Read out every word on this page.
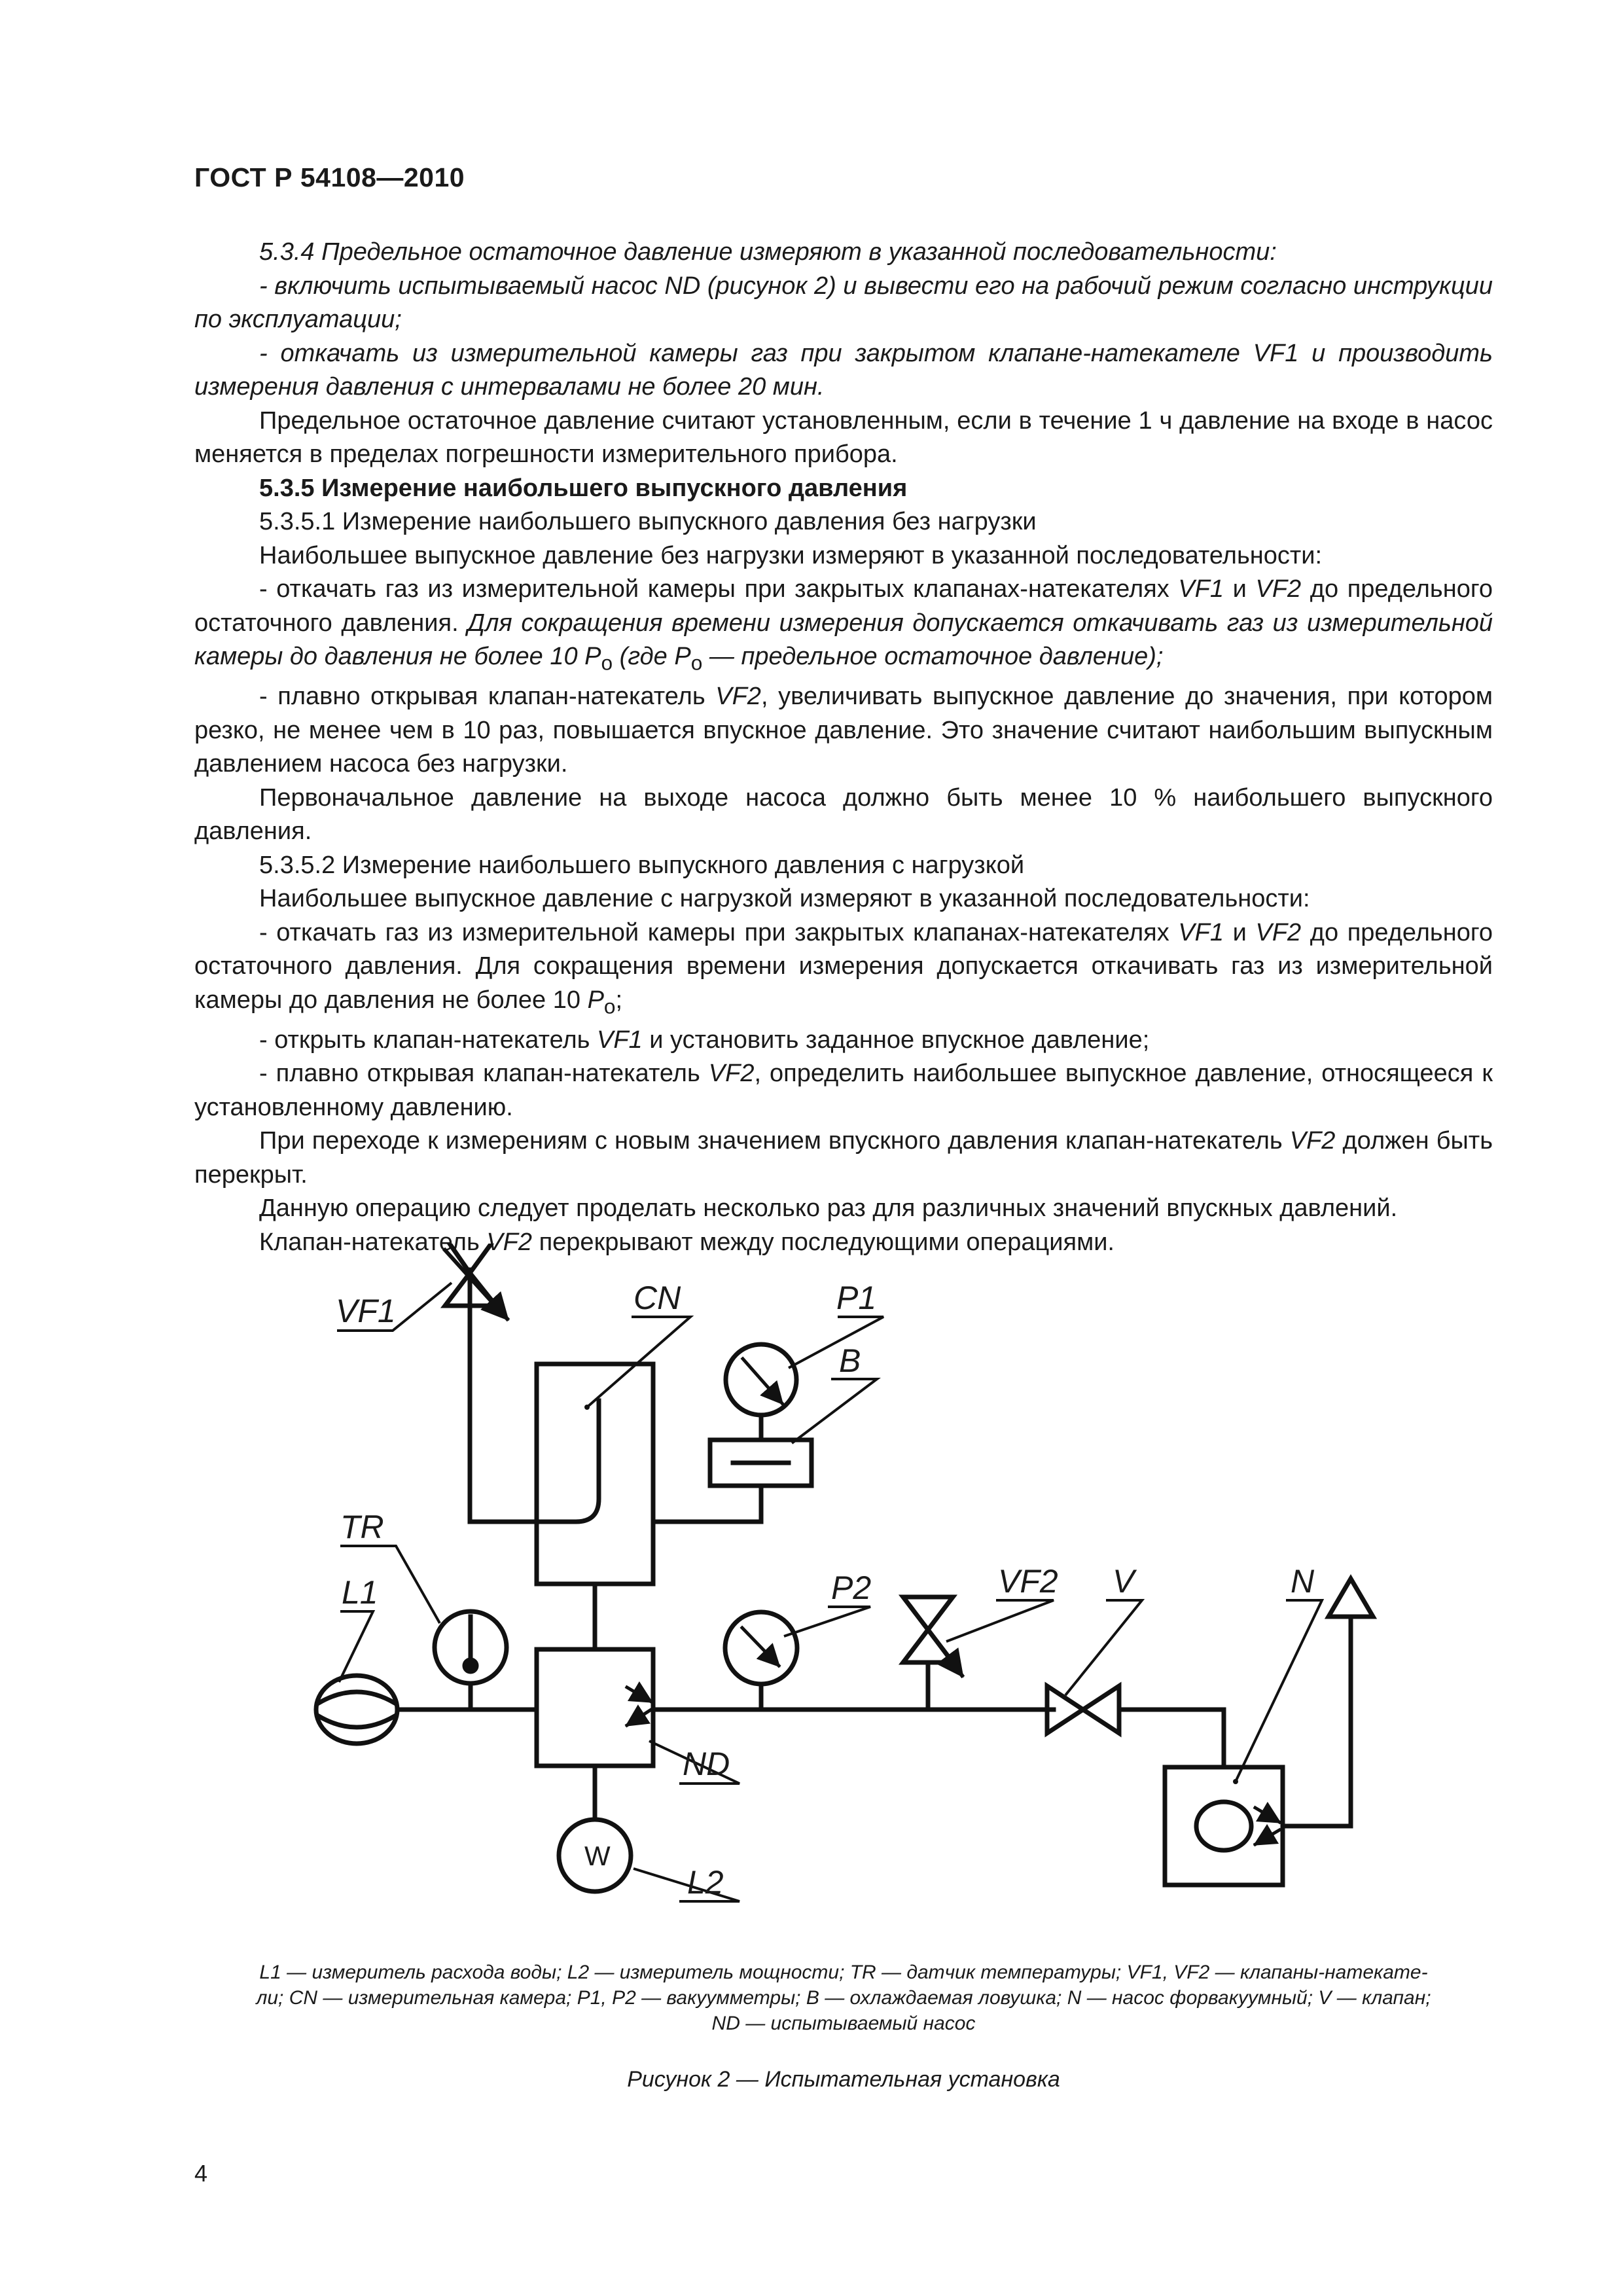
ГОСТ Р 54108—2010

5.3.4 Предельное остаточное давление измеряют в указанной последовательности:

- включить испытываемый насос ND (рисунок 2) и вывести его на рабочий режим согласно инструкции по эксплуатации;

- откачать из измерительной камеры газ при закрытом клапане-натекателе VF1 и производить измерения давления с интервалами не более 20 мин.

Предельное остаточное давление считают установленным, если в течение 1 ч давление на входе в насос меняется в пределах погрешности измерительного прибора.

5.3.5 Измерение наибольшего выпускного давления

5.3.5.1 Измерение наибольшего выпускного давления без нагрузки

Наибольшее выпускное давление без нагрузки измеряют в указанной последовательности:

- откачать газ из измерительной камеры при закрытых клапанах-натекателях VF1 и VF2 до предельного остаточного давления. Для сокращения времени измерения допускается откачивать газ из измерительной камеры до давления не более 10 $P_о$ (где $P_о$ — предельное остаточное давление);

- плавно открывая клапан-натекатель VF2, увеличивать выпускное давление до значения, при котором резко, не менее чем в 10 раз, повышается впускное давление. Это значение считают наибольшим выпускным давлением насоса без нагрузки.

Первоначальное давление на выходе насоса должно быть менее 10 % наибольшего выпускного давления.

5.3.5.2 Измерение наибольшего выпускного давления с нагрузкой

Наибольшее выпускное давление с нагрузкой измеряют в указанной последовательности:

- откачать газ из измерительной камеры при закрытых клапанах-натекателях VF1 и VF2 до предельного остаточного давления. Для сокращения времени измерения допускается откачивать газ из измерительной камеры до давления не более 10 $P_о$;

- открыть клапан-натекатель VF1 и установить заданное впускное давление;

- плавно открывая клапан-натекатель VF2, определить наибольшее выпускное давление, относящееся к установленному давлению.

При переходе к измерениям с новым значением впускного давления клапан-натекатель VF2 должен быть перекрыт.

Данную операцию следует проделать несколько раз для различных значений впускных давлений.

Клапан-натекатель VF2 перекрывают между последующими операциями.

VF1	CN	P1
B
TR
L1	P2	VF2 V	N
ND
L2
W
L1 — измеритель расхода воды; L2 — измеритель мощности; TR — датчик температуры; VF1, VF2 — клапаны-натекате-
ли; CN — измерительная камера; P1, P2 — вакуумметры; B — охлаждаемая ловушка; N — насос форвакуумный; V — клапан;
ND — испытываемый насос
Рисунок 2 — Испытательная установка
4
